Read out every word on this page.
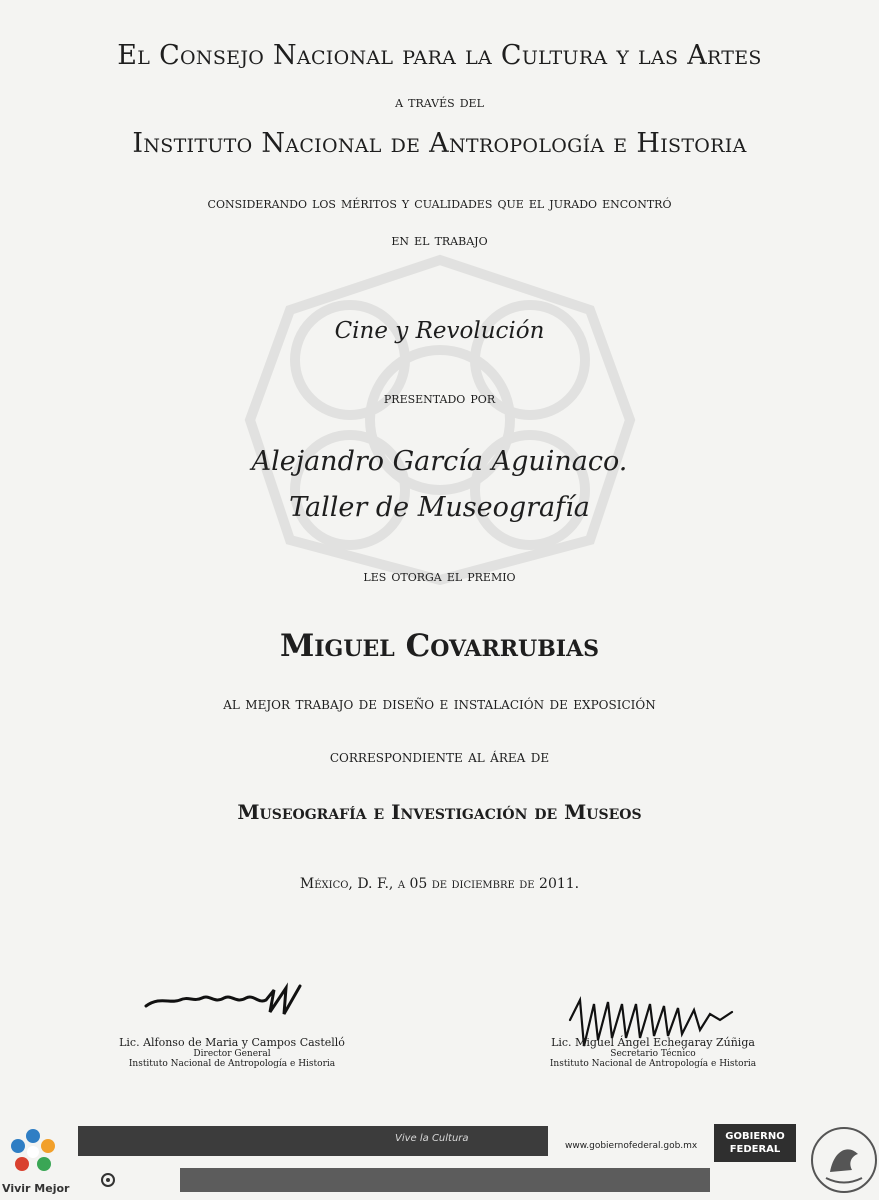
El Consejo Nacional para la Cultura y las Artes
a través del
Instituto Nacional de Antropología e Historia
considerando los méritos y cualidades que el jurado encontró
en el trabajo
Cine y Revolución
presentado por
Alejandro García Aguinaco.
Taller de Museografía
les otorga el premio
Miguel Covarrubias
al mejor trabajo de diseño e instalación de exposición
correspondiente al área de
Museografía e Investigación de Museos
México, D. F., a 05 de diciembre de 2011.
Lic. Alfonso de Maria y Campos Castelló
Director General
Instituto Nacional de Antropología e Historia
Lic. Miguel Ángel Echegaray Zúñiga
Secretario Técnico
Instituto Nacional de Antropología e Historia
Vive la Cultura
www.gobiernofederal.gob.mx
GOBIERNO
FEDERAL
Vivir Mejor
